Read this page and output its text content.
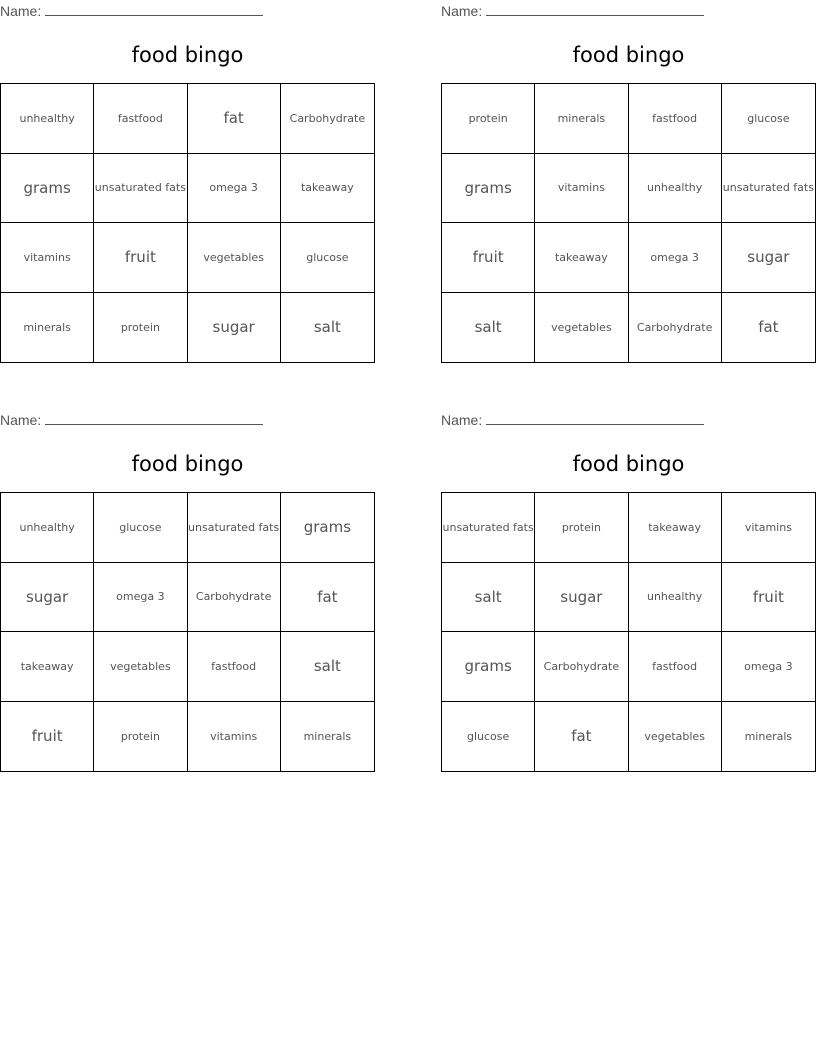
Name:
food bingo
unhealthy	fastfood	fat	Carbohydrate
grams	unsaturated fats	omega 3	takeaway
vitamins	fruit	vegetables	glucose
minerals	protein	sugar	salt
Name:
food bingo
protein	minerals	fastfood	glucose
grams	vitamins	unhealthy	unsaturated fats
fruit	takeaway	omega 3	sugar
salt	vegetables	Carbohydrate	fat
Name:
food bingo
unhealthy	glucose	unsaturated fats	grams
sugar	omega 3	Carbohydrate	fat
takeaway	vegetables	fastfood	salt
fruit	protein	vitamins	minerals
Name:
food bingo
unsaturated fats	protein	takeaway	vitamins
salt	sugar	unhealthy	fruit
grams	Carbohydrate	fastfood	omega 3
glucose	fat	vegetables	minerals
